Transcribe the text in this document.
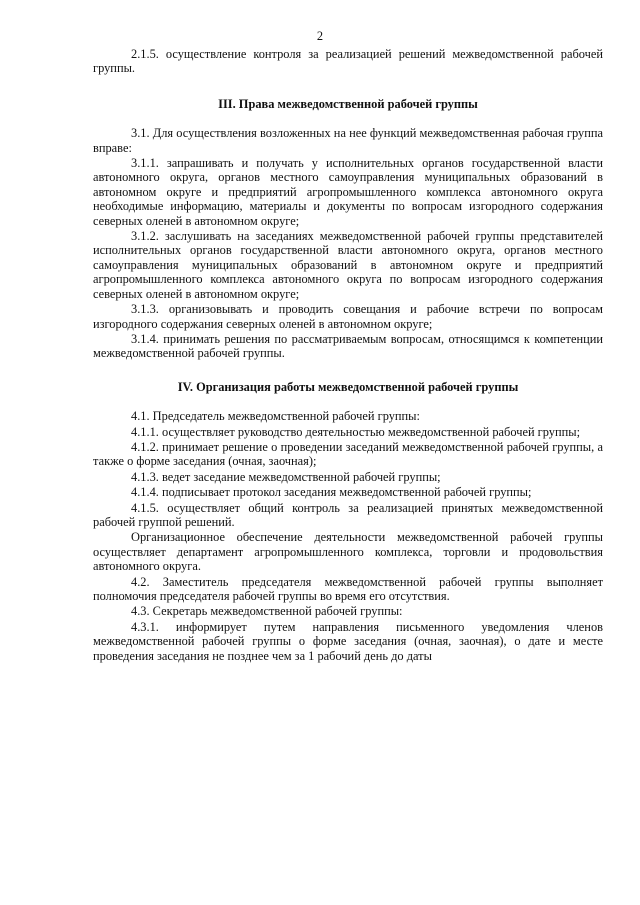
2

2.1.5. осуществление контроля за реализацией решений межведомственной рабочей группы.

III. Права межведомственной рабочей группы

3.1. Для осуществления возложенных на нее функций межведомственная рабочая группа вправе:

3.1.1. запрашивать и получать у исполнительных органов государственной власти автономного округа, органов местного самоуправления муниципальных образований в автономном округе и предприятий агропромышленного комплекса автономного округа необходимые информацию, материалы и документы по вопросам изгородного содержания северных оленей в автономном округе;

3.1.2. заслушивать на заседаниях межведомственной рабочей группы представителей исполнительных органов государственной власти автономного округа, органов местного самоуправления муниципальных образований в автономном округе и предприятий агропромышленного комплекса автономного округа по вопросам изгородного содержания северных оленей в автономном округе;

3.1.3. организовывать и проводить совещания и рабочие встречи по вопросам изгородного содержания северных оленей в автономном округе;

3.1.4. принимать решения по рассматриваемым вопросам, относящимся к компетенции межведомственной рабочей группы.

IV. Организация работы межведомственной рабочей группы

4.1. Председатель межведомственной рабочей группы:

4.1.1. осуществляет руководство деятельностью межведомственной рабочей группы;

4.1.2. принимает решение о проведении заседаний межведомственной рабочей группы, а также о форме заседания (очная, заочная);

4.1.3. ведет заседание межведомственной рабочей группы;

4.1.4. подписывает протокол заседания межведомственной рабочей группы;

4.1.5. осуществляет общий контроль за реализацией принятых межведомственной рабочей группой решений.

Организационное обеспечение деятельности межведомственной рабочей группы осуществляет департамент агропромышленного комплекса, торговли и продовольствия автономного округа.

4.2. Заместитель председателя межведомственной рабочей группы выполняет полномочия председателя рабочей группы во время его отсутствия.

4.3. Секретарь межведомственной рабочей группы:

4.3.1. информирует путем направления письменного уведомления членов межведомственной рабочей группы о форме заседания (очная, заочная), о дате и месте проведения заседания не позднее чем за 1 рабочий день до даты
